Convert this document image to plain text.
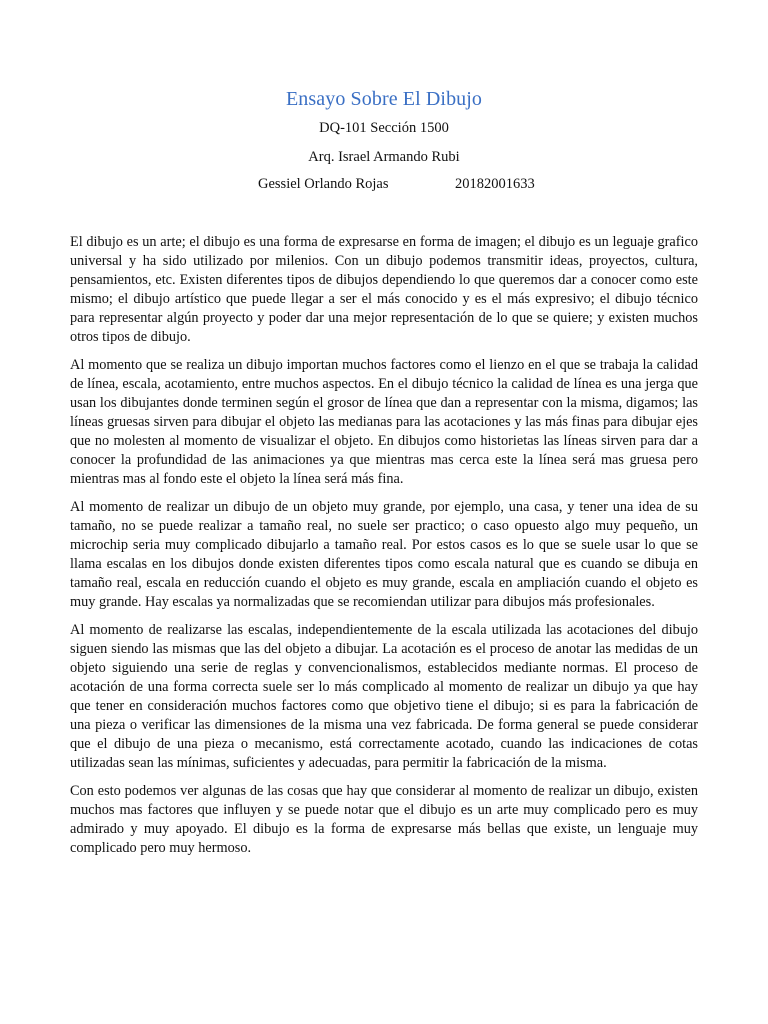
Ensayo Sobre El Dibujo
DQ-101 Sección 1500
Arq. Israel Armando Rubi
Gessiel Orlando Rojas	20182001633

El dibujo es un arte; el dibujo es una forma de expresarse en forma de imagen; el dibujo es un leguaje grafico universal y ha sido utilizado por milenios. Con un dibujo podemos transmitir ideas, proyectos, cultura, pensamientos, etc. Existen diferentes tipos de dibujos dependiendo lo que queremos dar a conocer como este mismo; el dibujo artístico que puede llegar a ser el más conocido y es el más expresivo; el dibujo técnico para representar algún proyecto y poder dar una mejor representación de lo que se quiere; y existen muchos otros tipos de dibujo.

Al momento que se realiza un dibujo importan muchos factores como el lienzo en el que se trabaja la calidad de línea, escala, acotamiento, entre muchos aspectos. En el dibujo técnico la calidad de línea es una jerga que usan los dibujantes donde terminen según el grosor de línea que dan a representar con la misma, digamos; las líneas gruesas sirven para dibujar el objeto las medianas para las acotaciones y las más finas para dibujar ejes que no molesten al momento de visualizar el objeto. En dibujos como historietas las líneas sirven para dar a conocer la profundidad de las animaciones ya que mientras mas cerca este la línea será mas gruesa pero mientras mas al fondo este el objeto la línea será más fina.

Al momento de realizar un dibujo de un objeto muy grande, por ejemplo, una casa, y tener una idea de su tamaño, no se puede realizar a tamaño real, no suele ser practico; o caso opuesto algo muy pequeño, un microchip seria muy complicado dibujarlo a tamaño real. Por estos casos es lo que se suele usar lo que se llama escalas en los dibujos donde existen diferentes tipos como escala natural que es cuando se dibuja en tamaño real, escala en reducción cuando el objeto es muy grande, escala en ampliación cuando el objeto es muy grande. Hay escalas ya normalizadas que se recomiendan utilizar para dibujos más profesionales.

Al momento de realizarse las escalas, independientemente de la escala utilizada las acotaciones del dibujo siguen siendo las mismas que las del objeto a dibujar. La acotación es el proceso de anotar las medidas de un objeto siguiendo una serie de reglas y convencionalismos, establecidos mediante normas. El proceso de acotación de una forma correcta suele ser lo más complicado al momento de realizar un dibujo ya que hay que tener en consideración muchos factores como que objetivo tiene el dibujo; si es para la fabricación de una pieza o verificar las dimensiones de la misma una vez fabricada. De forma general se puede considerar que el dibujo de una pieza o mecanismo, está correctamente acotado, cuando las indicaciones de cotas utilizadas sean las mínimas, suficientes y adecuadas, para permitir la fabricación de la misma.

Con esto podemos ver algunas de las cosas que hay que considerar al momento de realizar un dibujo, existen muchos mas factores que influyen y se puede notar que el dibujo es un arte muy complicado pero es muy admirado y muy apoyado. El dibujo es la forma de expresarse más bellas que existe, un lenguaje muy complicado pero muy hermoso.
